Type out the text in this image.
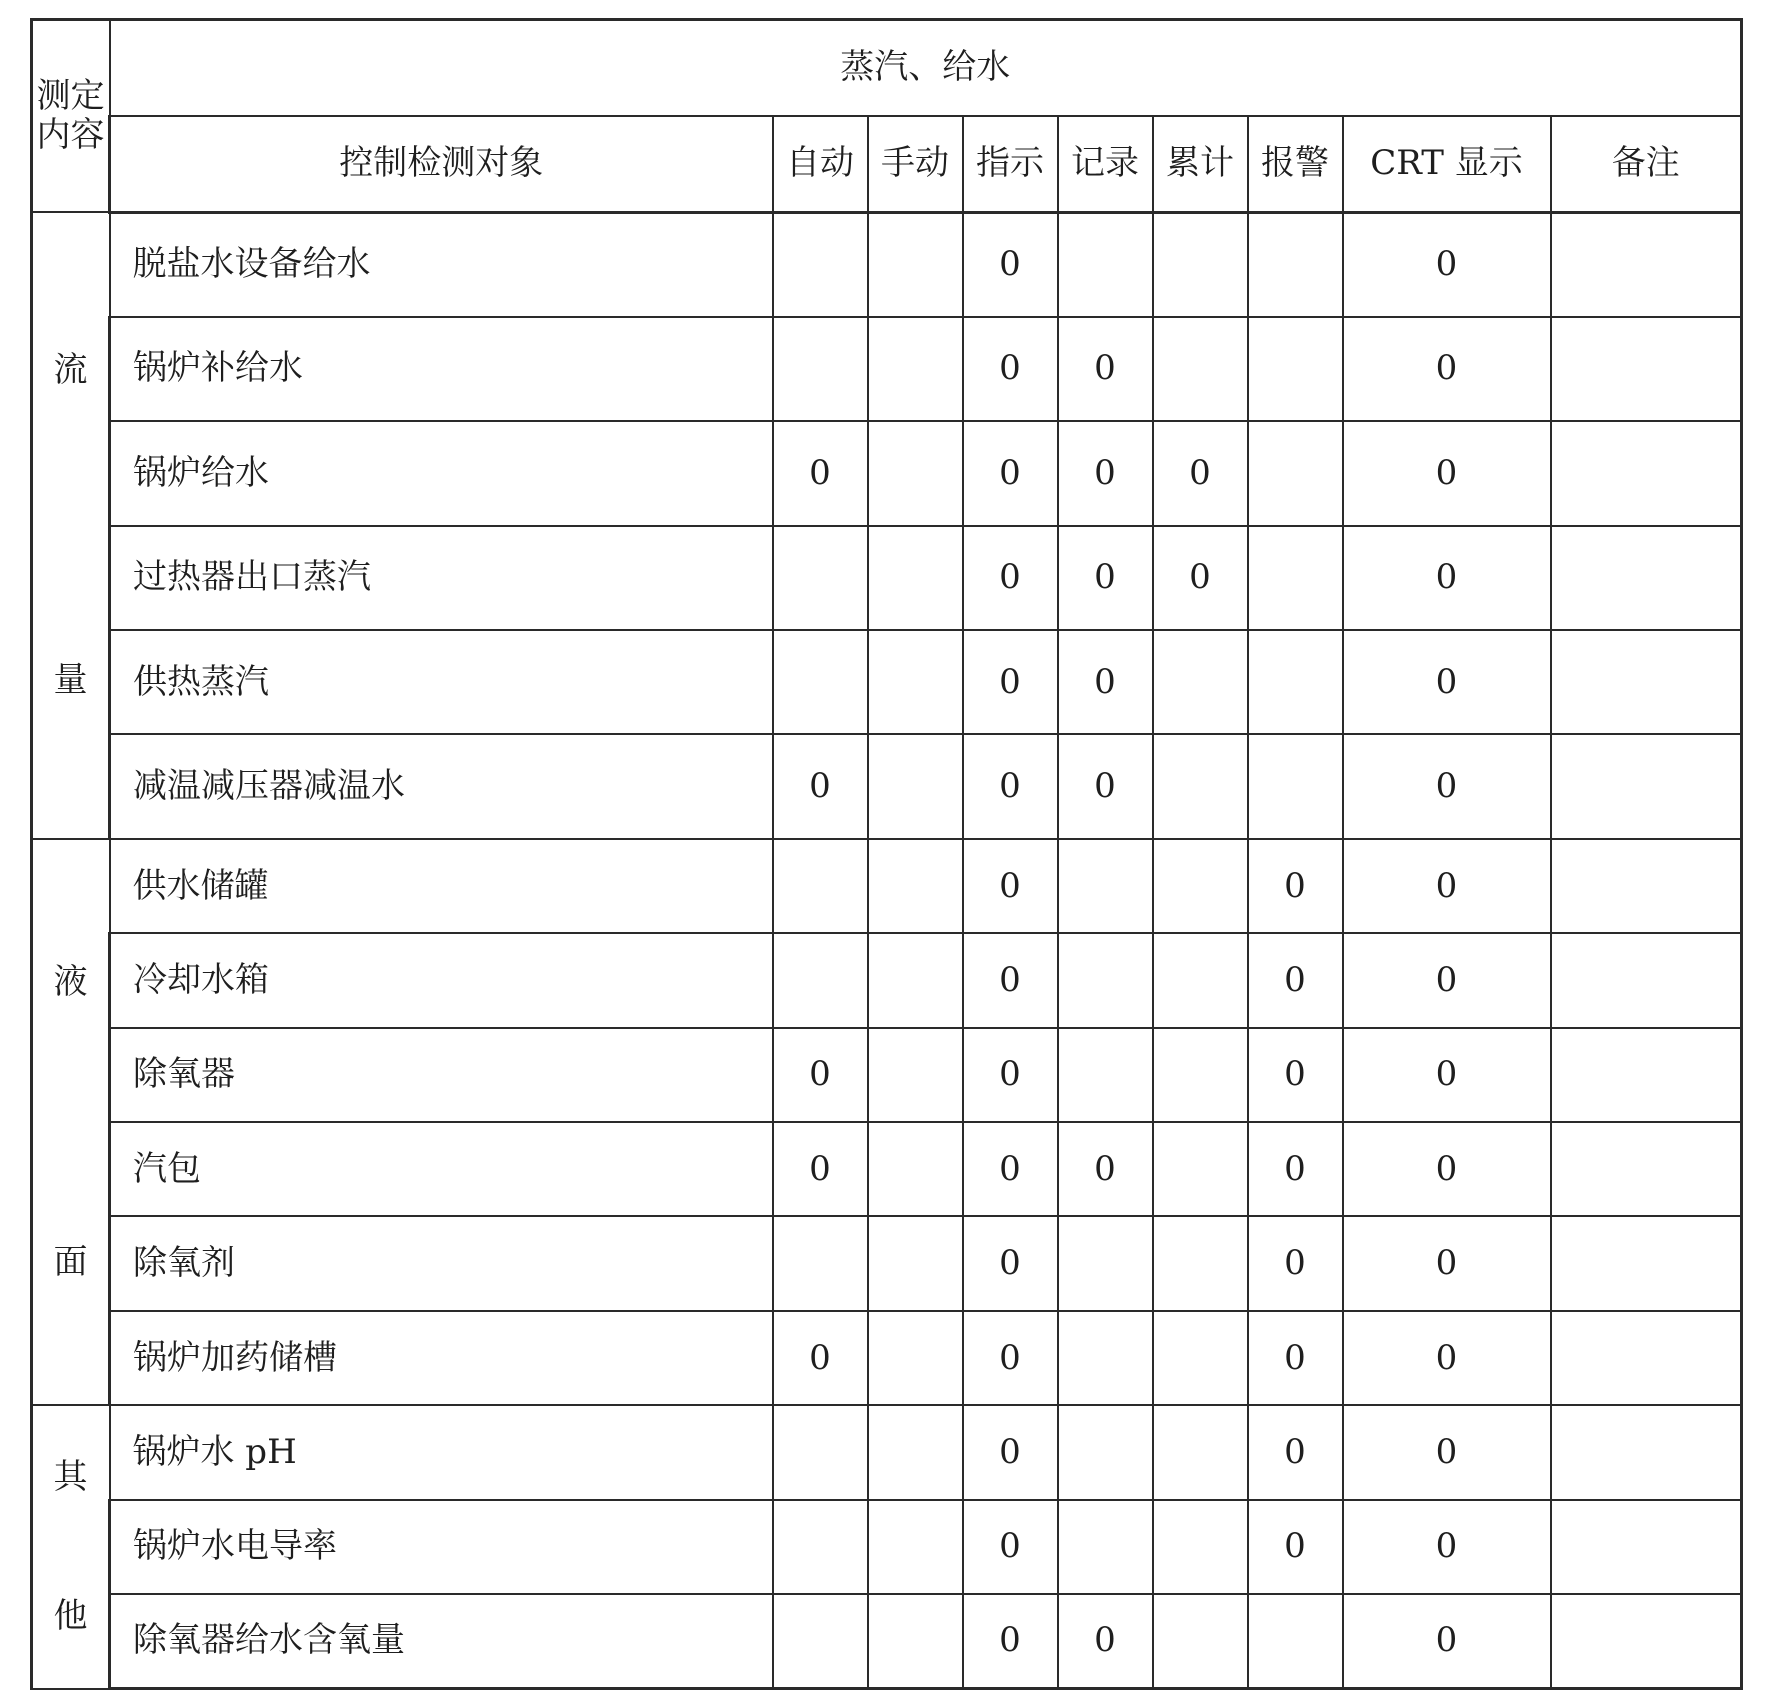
测定
内容	蒸汽、给水								
	控制检测对象	自动	手动	指示	记录	累计	报警	CRT 显示	备注

流
量	脱盐水设备给水			0				0	
	锅炉补给水			0	0			0	
	锅炉给水	0		0	0	0		0	
	过热器出口蒸汽			0	0	0		0	
	供热蒸汽			0	0			0	
	减温减压器减温水	0		0	0			0	

液
面	供水储罐			0			0	0	
	冷却水箱			0			0	0	
	除氧器	0		0			0	0	
	汽包	0		0	0		0	0	
	除氧剂			0			0	0	
	锅炉加药储槽	0		0			0	0	

其
他	锅炉水 pH			0			0	0	
	锅炉水电导率			0			0	0	
	除氧器给水含氧量			0	0			0	
